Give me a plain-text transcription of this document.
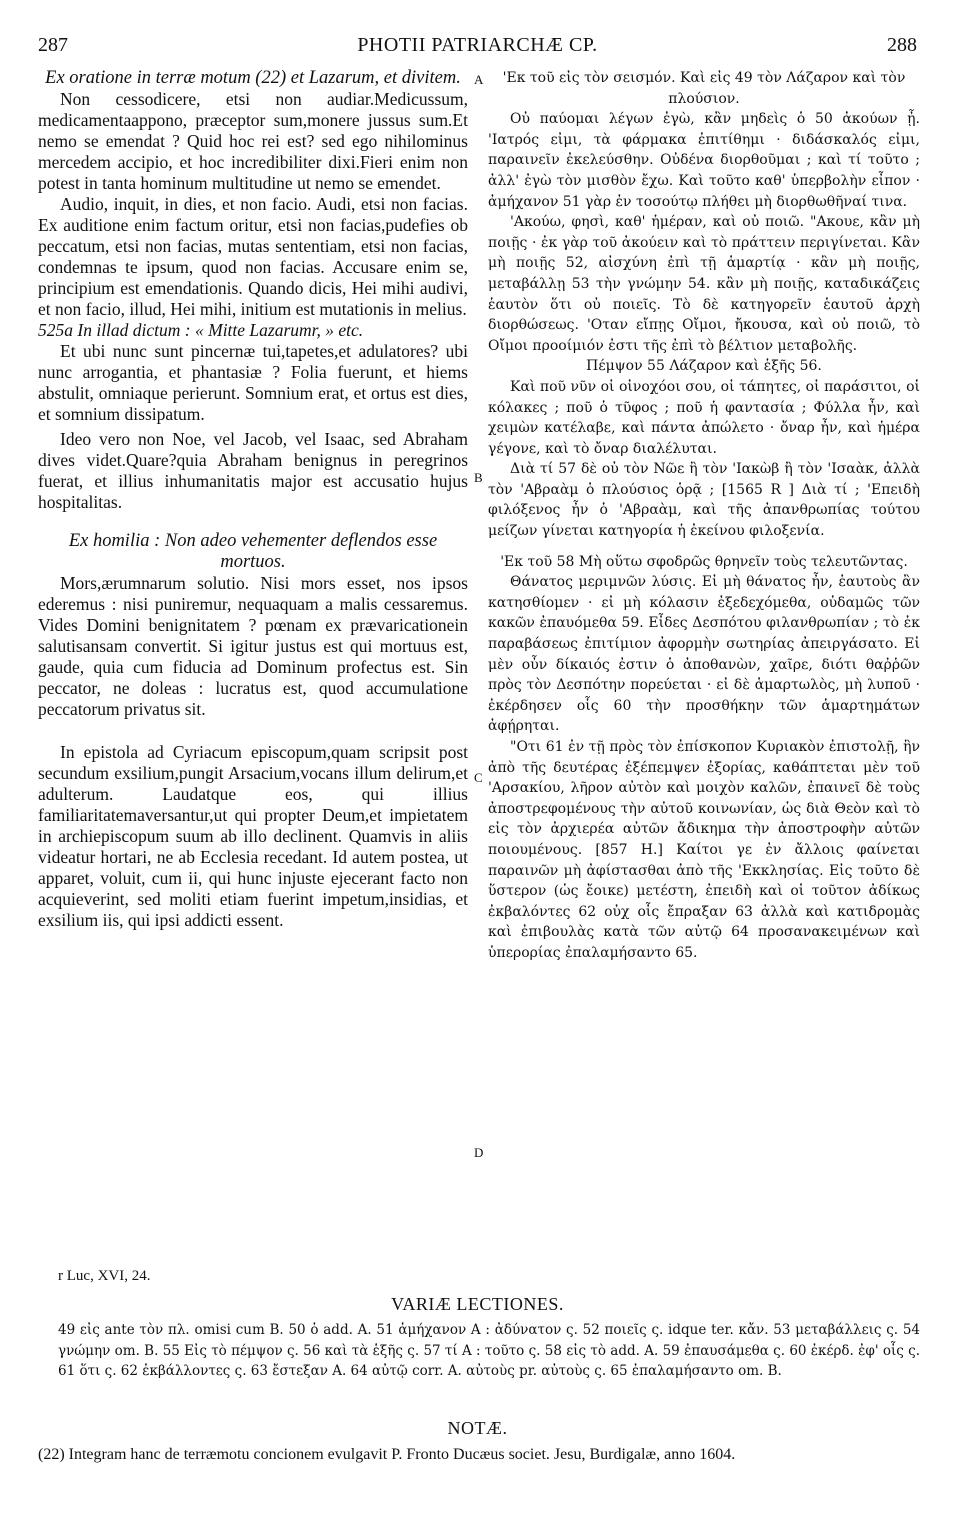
287	PHOTII PATRIARCHÆ CP.	288

Ex oratione in terræ motum (22) et Lazarum, et divitem.

Non cessodicere, etsi non audiar.Medicussum, medicamentaappono, præceptor sum,monere jussus sum.Et nemo se emendat ? Quid hoc rei est? sed ego nihilominus mercedem accipio, et hoc incredibiliter dixi.Fieri enim non potest in tanta hominum multitudine ut nemo se emendet.

Audio, inquit, in dies, et non facio. Audi, etsi non facias. Ex auditione enim factum oritur, etsi non facias,pudefies ob peccatum, etsi non facias, mutas sententiam, etsi non facias, condemnas te ipsum, quod non facias. Accusare enim se, principium est emendationis. Quando dicis, Hei mihi audivi, et non facio, illud, Hei mihi, initium est mutationis in melius.

525a In illad dictum : « Mitte Lazarumr, » etc.

Et ubi nunc sunt pincernæ tui,tapetes,et adulatores? ubi nunc arrogantia, et phantasiæ ? Folia fuerunt, et hiems abstulit, omniaque perierunt. Somnium erat, et ortus est dies, et somnium dissipatum.

Ideo vero non Noe, vel Jacob, vel Isaac, sed Abraham dives videt.Quare?quia Abraham benignus in peregrinos fuerat, et illius inhumanitatis major est accusatio hujus hospitalitas.

Ex homilia : Non adeo vehementer deflendos esse mortuos.

Mors,ærumnarum solutio. Nisi mors esset, nos ipsos ederemus : nisi puniremur, nequaquam a malis cessaremus. Vides Domini benignitatem ? pœnam ex prævaricationein salutisansam convertit. Si igitur justus est qui mortuus est, gaude, quia cum fiducia ad Dominum profectus est. Sin peccator, ne doleas : lucratus est, quod accumulatione peccatorum privatus sit.

In epistola ad Cyriacum episcopum,quam scripsit post secundum exsilium,pungit Arsacium,vocans illum delirum,et adulterum. Laudatque eos, qui illius familiaritatemaversantur,ut qui propter Deum,et impietatem in archiepiscopum suum ab illo declinent. Quamvis in aliis videatur hortari, ne ab Ecclesia recedant. Id autem postea, ut apparet, voluit, cum ii, qui hunc injuste ejecerant facto non acquieverint, sed moliti etiam fuerint impetum,insidias, et exsilium iis, qui ipsi addicti essent.

'Εκ τοῦ εἰς τὸν σεισμόν. Καὶ εἰς 49 τὸν Λάζαρον καὶ τὸν πλούσιον.

Οὐ παύομαι λέγων ἐγὼ, κἂν μηδεὶς ὁ 50 ἀκούων ᾖ. 'Ιατρός εἰμι, τὰ φάρμακα ἐπιτίθημι · διδάσκαλός εἰμι, παραινεῖν ἐκελεύσθην. Οὐδένα διορθοῦμαι ; καὶ τί τοῦτο ; ἀλλ' ἐγὼ τὸν μισθὸν ἔχω. Καὶ τοῦτο καθ' ὑπερβολὴν εἶπον · ἀμήχανον 51 γὰρ ἐν τοσούτῳ πλήθει μὴ διορθωθῆναί τινα.

'Ακούω, φησὶ, καθ' ἡμέραν, καὶ οὐ ποιῶ. "Ακουε, κἂν μὴ ποιῇς · ἐκ γὰρ τοῦ ἀκούειν καὶ τὸ πράττειν περιγίνεται. Κἂν μὴ ποιῇς 52, αἰσχύνη ἐπὶ τῇ ἁμαρτίᾳ · κἂν μὴ ποιῇς, μεταβάλλῃ 53 τὴν γνώμην 54. κἂν μὴ ποιῇς, καταδικάζεις ἑαυτὸν ὅτι οὐ ποιεῖς. Τὸ δὲ κατηγορεῖν ἑαυτοῦ ἀρχὴ διορθώσεως. 'Οταν εἴπῃς Οἴμοι, ἤκουσα, καὶ οὐ ποιῶ, τὸ Οἴμοι προοίμιόν ἐστι τῆς ἐπὶ τὸ βέλτιον μεταβολῆς.

Πέμψον 55 Λάζαρον καὶ ἑξῆς 56.

Καὶ ποῦ νῦν οἱ οἰνοχόοι σου, οἱ τάπητες, οἱ παράσιτοι, οἱ κόλακες ; ποῦ ὁ τῦφος ; ποῦ ἡ φαντασία ; Φύλλα ἦν, καὶ χειμὼν κατέλαβε, καὶ πάντα ἀπώλετο · ὄναρ ἦν, καὶ ἡμέρα γέγονε, καὶ τὸ ὄναρ διαλέλυται.

Διὰ τί 57 δὲ οὐ τὸν Νῶε ἢ τὸν 'Ιακὼβ ἢ τὸν 'Ισαὰκ, ἀλλὰ τὸν 'Αβραὰμ ὁ πλούσιος ὁρᾷ ; [1565 R ] Διὰ τί ; 'Επειδὴ φιλόξενος ἦν ὁ 'Αβραὰμ, καὶ τῆς ἀπανθρωπίας τούτου μείζων γίνεται κατηγορία ἡ ἐκείνου φιλοξενία.

'Εκ τοῦ 58 Μὴ οὕτω σφοδρῶς θρηνεῖν τοὺς τελευτῶντας.

Θάνατος μεριμνῶν λύσις. Εἰ μὴ θάνατος ἦν, ἑαυτοὺς ἂν κατησθίομεν · εἰ μὴ κόλασιν ἐξεδεχόμεθα, οὐδαμῶς τῶν κακῶν ἐπαυόμεθα 59. Εἶδες Δεσπότου φιλανθρωπίαν ; τὸ ἐκ παραβάσεως ἐπιτίμιον ἀφορμὴν σωτηρίας ἀπειργάσατο. Εἰ μὲν οὖν δίκαιός ἐστιν ὁ ἀποθανὼν, χαῖρε, διότι θαῤῥῶν πρὸς τὸν Δεσπότην πορεύεται · εἰ δὲ ἁμαρτωλὸς, μὴ λυποῦ · ἐκέρδησεν οἷς 60 τὴν προσθήκην τῶν ἁμαρτημάτων ἀφῄρηται.

"Οτι 61 ἐν τῇ πρὸς τὸν ἐπίσκοπον Κυριακὸν ἐπιστολῇ, ἣν ἀπὸ τῆς δευτέρας ἐξέπεμψεν ἐξορίας, καθάπτεται μὲν τοῦ 'Αρσακίου, λῆρον αὐτὸν καὶ μοιχὸν καλῶν, ἐπαινεῖ δὲ τοὺς ἀποστρεφομένους τὴν αὐτοῦ κοινωνίαν, ὡς διὰ Θεὸν καὶ τὸ εἰς τὸν ἀρχιερέα αὐτῶν ἄδικημα τὴν ἀποστροφὴν αὐτῶν ποιουμένους. [857 H.] Καίτοι γε ἐν ἄλλοις φαίνεται παραινῶν μὴ ἀφίστασθαι ἀπὸ τῆς 'Εκκλησίας. Εἰς τοῦτο δὲ ὕστερον (ὡς ἔοικε) μετέστη, ἐπειδὴ καὶ οἱ τοῦτον ἀδίκως ἐκβαλόντες 62 οὐχ οἷς ἔπραξαν 63 ἀλλὰ καὶ κατιδρομὰς καὶ ἐπιβουλὰς κατὰ τῶν αὐτῷ 64 προσανακειμένων καὶ ὑπερορίας ἐπαλαμήσαντο 65.

A
B
C
D
r Luc, XVI, 24.
VARIÆ LECTIONES.
49 εἰς ante τὸν πλ. omisi cum B. 50 ὁ add. A. 51 ἀμήχανον A : ἀδύνατον ς. 52 ποιεῖς ς. idque ter. κἄν. 53 μεταβάλλεις ς. 54 γνώμην om. B. 55 Εἰς τὸ πέμψον ς. 56 καὶ τὰ ἑξῆς ς. 57 τί A : τοῦτο ς. 58 εἰς τὸ add. A. 59 ἐπαυσάμεθα ς. 60 ἐκέρδ. ἐφ' οἷς ς. 61 ὅτι ς. 62 ἐκβάλλοντες ς. 63 ἔστεξαν A. 64 αὐτῷ corr. A. αὐτοὺς pr. αὐτοὺς ς. 65 ἐπαλαμήσαντο om. B.
NOTÆ.
(22) Integram hanc de terræmotu concionem evulgavit P. Fronto Ducæus societ. Jesu, Burdigalæ, anno 1604.
